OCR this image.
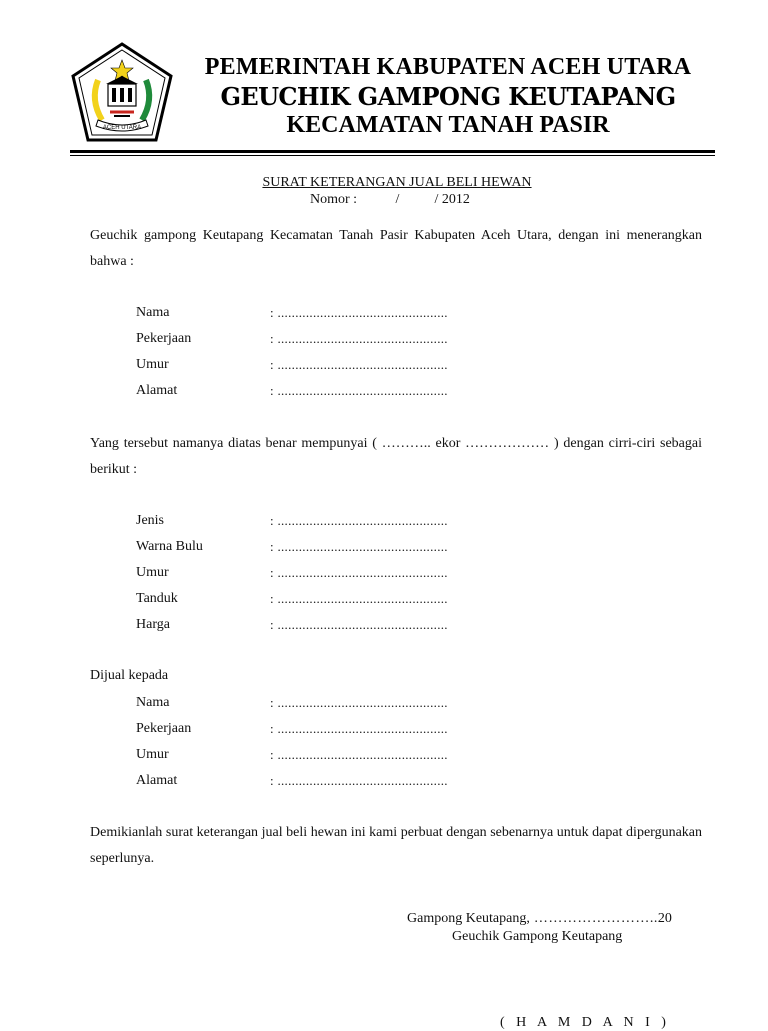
ACEH UTARA
PEMERINTAH KABUPATEN ACEH UTARA
GEUCHIK GAMPONG KEUTAPANG
KECAMATAN TANAH PASIR
SURAT KETERANGAN JUAL BELI HEWAN
Nomor :           /          / 2012
Geuchik gampong Keutapang Kecamatan Tanah Pasir Kabupaten Aceh Utara, dengan ini menerangkan bahwa :
Nama	: ................................................
Pekerjaan	: ................................................
Umur	: ................................................
Alamat	: ................................................
Yang tersebut namanya diatas benar mempunyai ( ……….. ekor ……………… ) dengan cirri-ciri sebagai berikut :
Jenis	: ................................................
Warna Bulu	: ................................................
Umur	: ................................................
Tanduk	: ................................................
Harga	: ................................................
Dijual kepada
Nama	: ................................................
Pekerjaan	: ................................................
Umur	: ................................................
Alamat	: ................................................
Demikianlah surat keterangan jual beli hewan ini kami perbuat dengan sebenarnya untuk dapat dipergunakan seperlunya.
Gampong Keutapang, ……………………..20
Geuchik Gampong Keutapang
( H A M D A N I )
